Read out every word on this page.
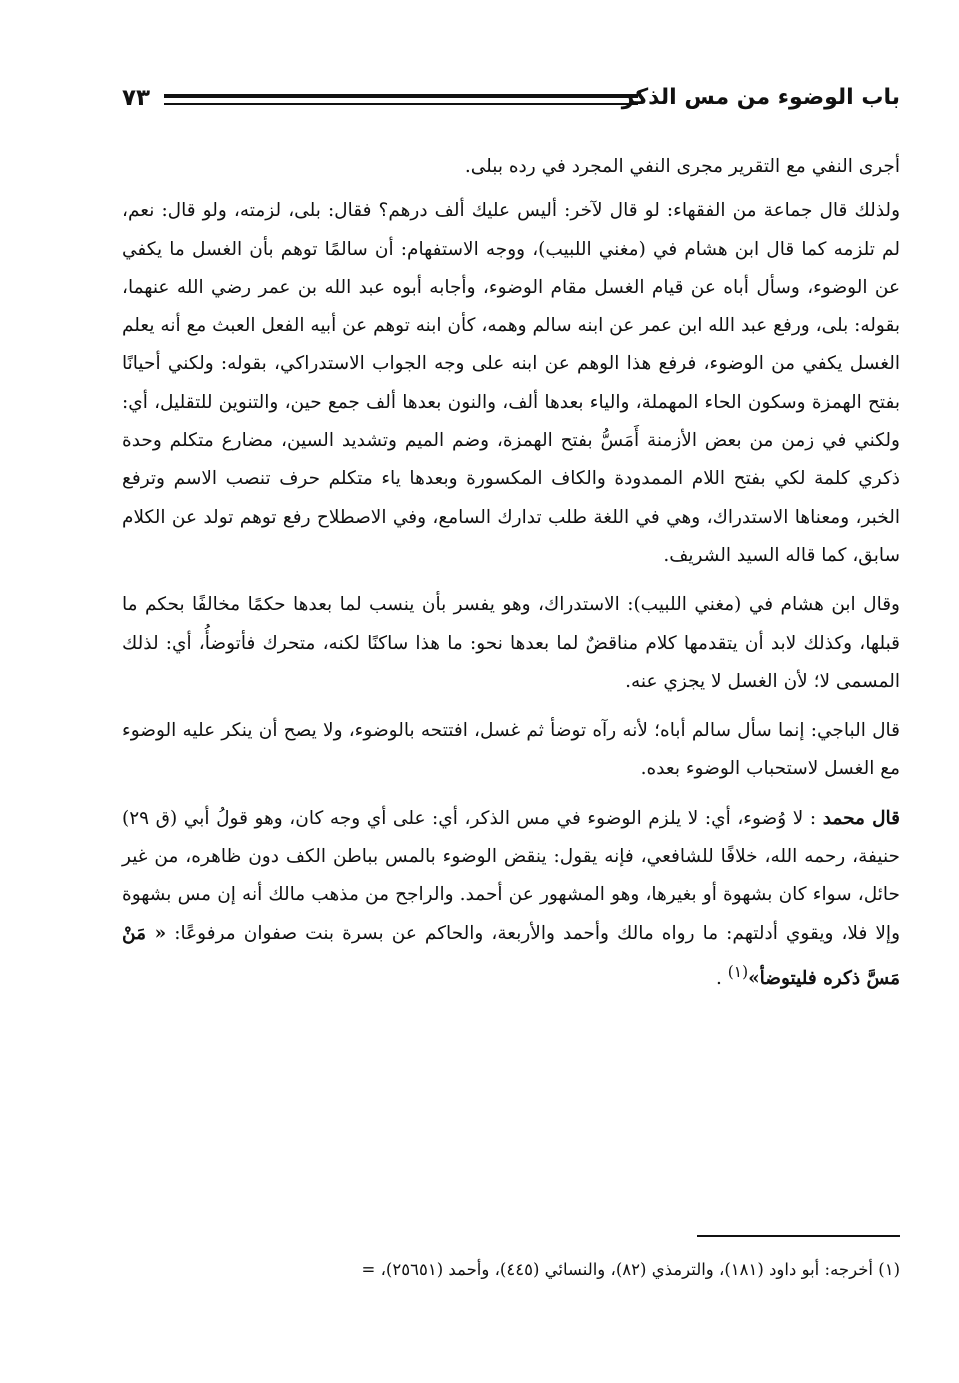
باب الوضوء من مس الذكر
٧٣

أجرى النفي مع التقرير مجرى النفي المجرد في رده ببلى.

ولذلك قال جماعة من الفقهاء: لو قال لآخر: أليس عليك ألف درهم؟ فقال: بلى، لزمته، ولو قال: نعم، لم تلزمه كما قال ابن هشام في (مغني اللبيب)، ووجه الاستفهام: أن سالمًا توهم بأن الغسل ما يكفي عن الوضوء، وسأل أباه عن قيام الغسل مقام الوضوء، وأجابه أبوه عبد الله بن عمر رضي الله عنهما، بقوله: بلى، ورفع عبد الله ابن عمر عن ابنه سالم وهمه، كأن ابنه توهم عن أبيه الفعل العبث مع أنه يعلم الغسل يكفي من الوضوء، فرفع هذا الوهم عن ابنه على وجه الجواب الاستدراكي، بقوله: ولكني أحيانًا بفتح الهمزة وسكون الحاء المهملة، والياء بعدها ألف، والنون بعدها ألف جمع حين، والتنوين للتقليل، أي: ولكني في زمن من بعض الأزمنة أَمَسُّ بفتح الهمزة، وضم الميم وتشديد السين، مضارع متكلم وحدة ذكري كلمة لكي بفتح اللام الممدودة والكاف المكسورة وبعدها ياء متكلم حرف تنصب الاسم وترفع الخبر، ومعناها الاستدراك، وهي في اللغة طلب تدارك السامع، وفي الاصطلاح رفع توهم تولد عن الكلام سابق، كما قاله السيد الشريف.

وقال ابن هشام في (مغني اللبيب): الاستدراك، وهو يفسر بأن ينسب لما بعدها حكمًا مخالفًا بحكم ما قبلها، وكذلك لابد أن يتقدمها كلام مناقضٌ لما بعدها نحو: ما هذا ساكنًا لكنه، متحرك فأتوضأُ، أي: لذلك المسمى لا؛ لأن الغسل لا يجزي عنه.

قال الباجي: إنما سأل سالم أباه؛ لأنه رآه توضأ ثم غسل، افتتحه بالوضوء، ولا يصح أن ينكر عليه الوضوء مع الغسل لاستحباب الوضوء بعده.

قال محمد : لا وُضوء، أي: لا يلزم الوضوء في مس الذكر، أي: على أي وجه كان، وهو قولُ أبي (ق ٢٩) حنيفة، رحمه الله، خلافًا للشافعي، فإنه يقول: ينقض الوضوء بالمس بباطن الكف دون ظاهره، من غير حائل، سواء كان بشهوة أو بغيرها، وهو المشهور عن أحمد. والراجح من مذهب مالك أنه إن مس بشهوة وإلا فلا، ويقوي أدلتهم: ما رواه مالك وأحمد والأربعة، والحاكم عن بسرة بنت صفوان مرفوعًا: « مَنْ مَسَّ ذكره فليتوضأ»$^{(١)}$ .

(١) أخرجه: أبو داود (١٨١)، والترمذي (٨٢)، والنسائي (٤٤٥)، وأحمد (٢٥٦٥١)، =
